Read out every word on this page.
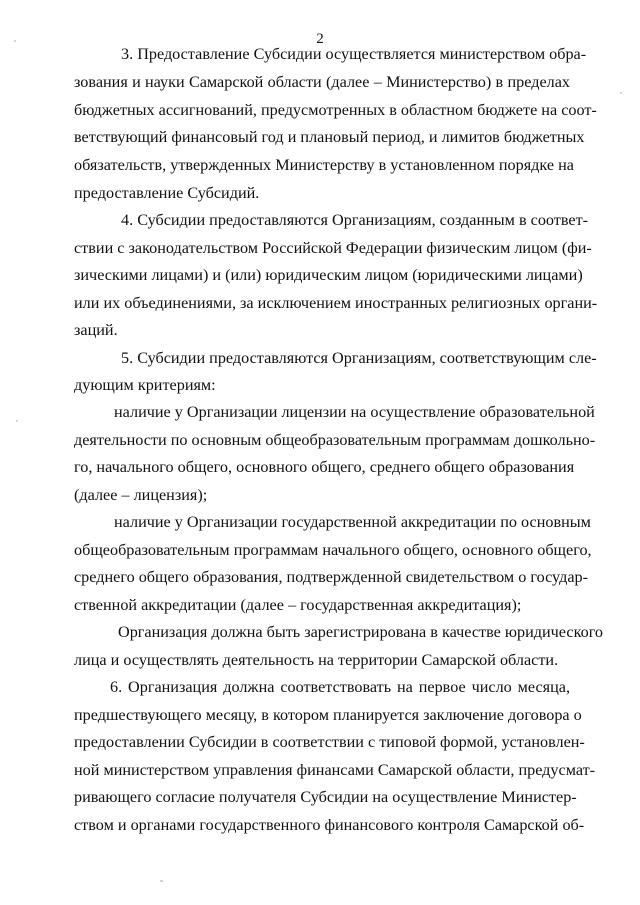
2
3. Предоставление Субсидии осуществляется министерством обра-
зования и науки Самарской области (далее – Министерство) в пределах
бюджетных ассигнований, предусмотренных в областном бюджете на соот-
ветствующий финансовый год и плановый период, и лимитов бюджетных
обязательств, утвержденных Министерству в установленном порядке на
предоставление Субсидий.
4. Субсидии предоставляются Организациям, созданным в соответ-
ствии с законодательством Российской Федерации физическим лицом (фи-
зическими лицами) и (или) юридическим лицом (юридическими лицами)
или их объединениями, за исключением иностранных религиозных органи-
заций.
5. Субсидии предоставляются Организациям, соответствующим сле-
дующим критериям:
наличие у Организации лицензии на осуществление образовательной
деятельности по основным общеобразовательным программам дошкольно-
го, начального общего, основного общего, среднего общего образования
(далее – лицензия);
наличие у Организации государственной аккредитации по основным
общеобразовательным программам начального общего, основного общего,
среднего общего образования, подтвержденной свидетельством о государ-
ственной аккредитации (далее – государственная аккредитация);
Организация должна быть зарегистрирована в качестве юридического
лица и осуществлять деятельность на территории Самарской области.
6. Организация должна соответствовать на первое число месяца,
предшествующего месяцу, в котором планируется заключение договора о
предоставлении Субсидии в соответствии с типовой формой, установлен-
ной министерством управления финансами Самарской области, предусмат-
ривающего согласие получателя Субсидии на осуществление Министер-
ством и органами государственного финансового контроля Самарской об-
